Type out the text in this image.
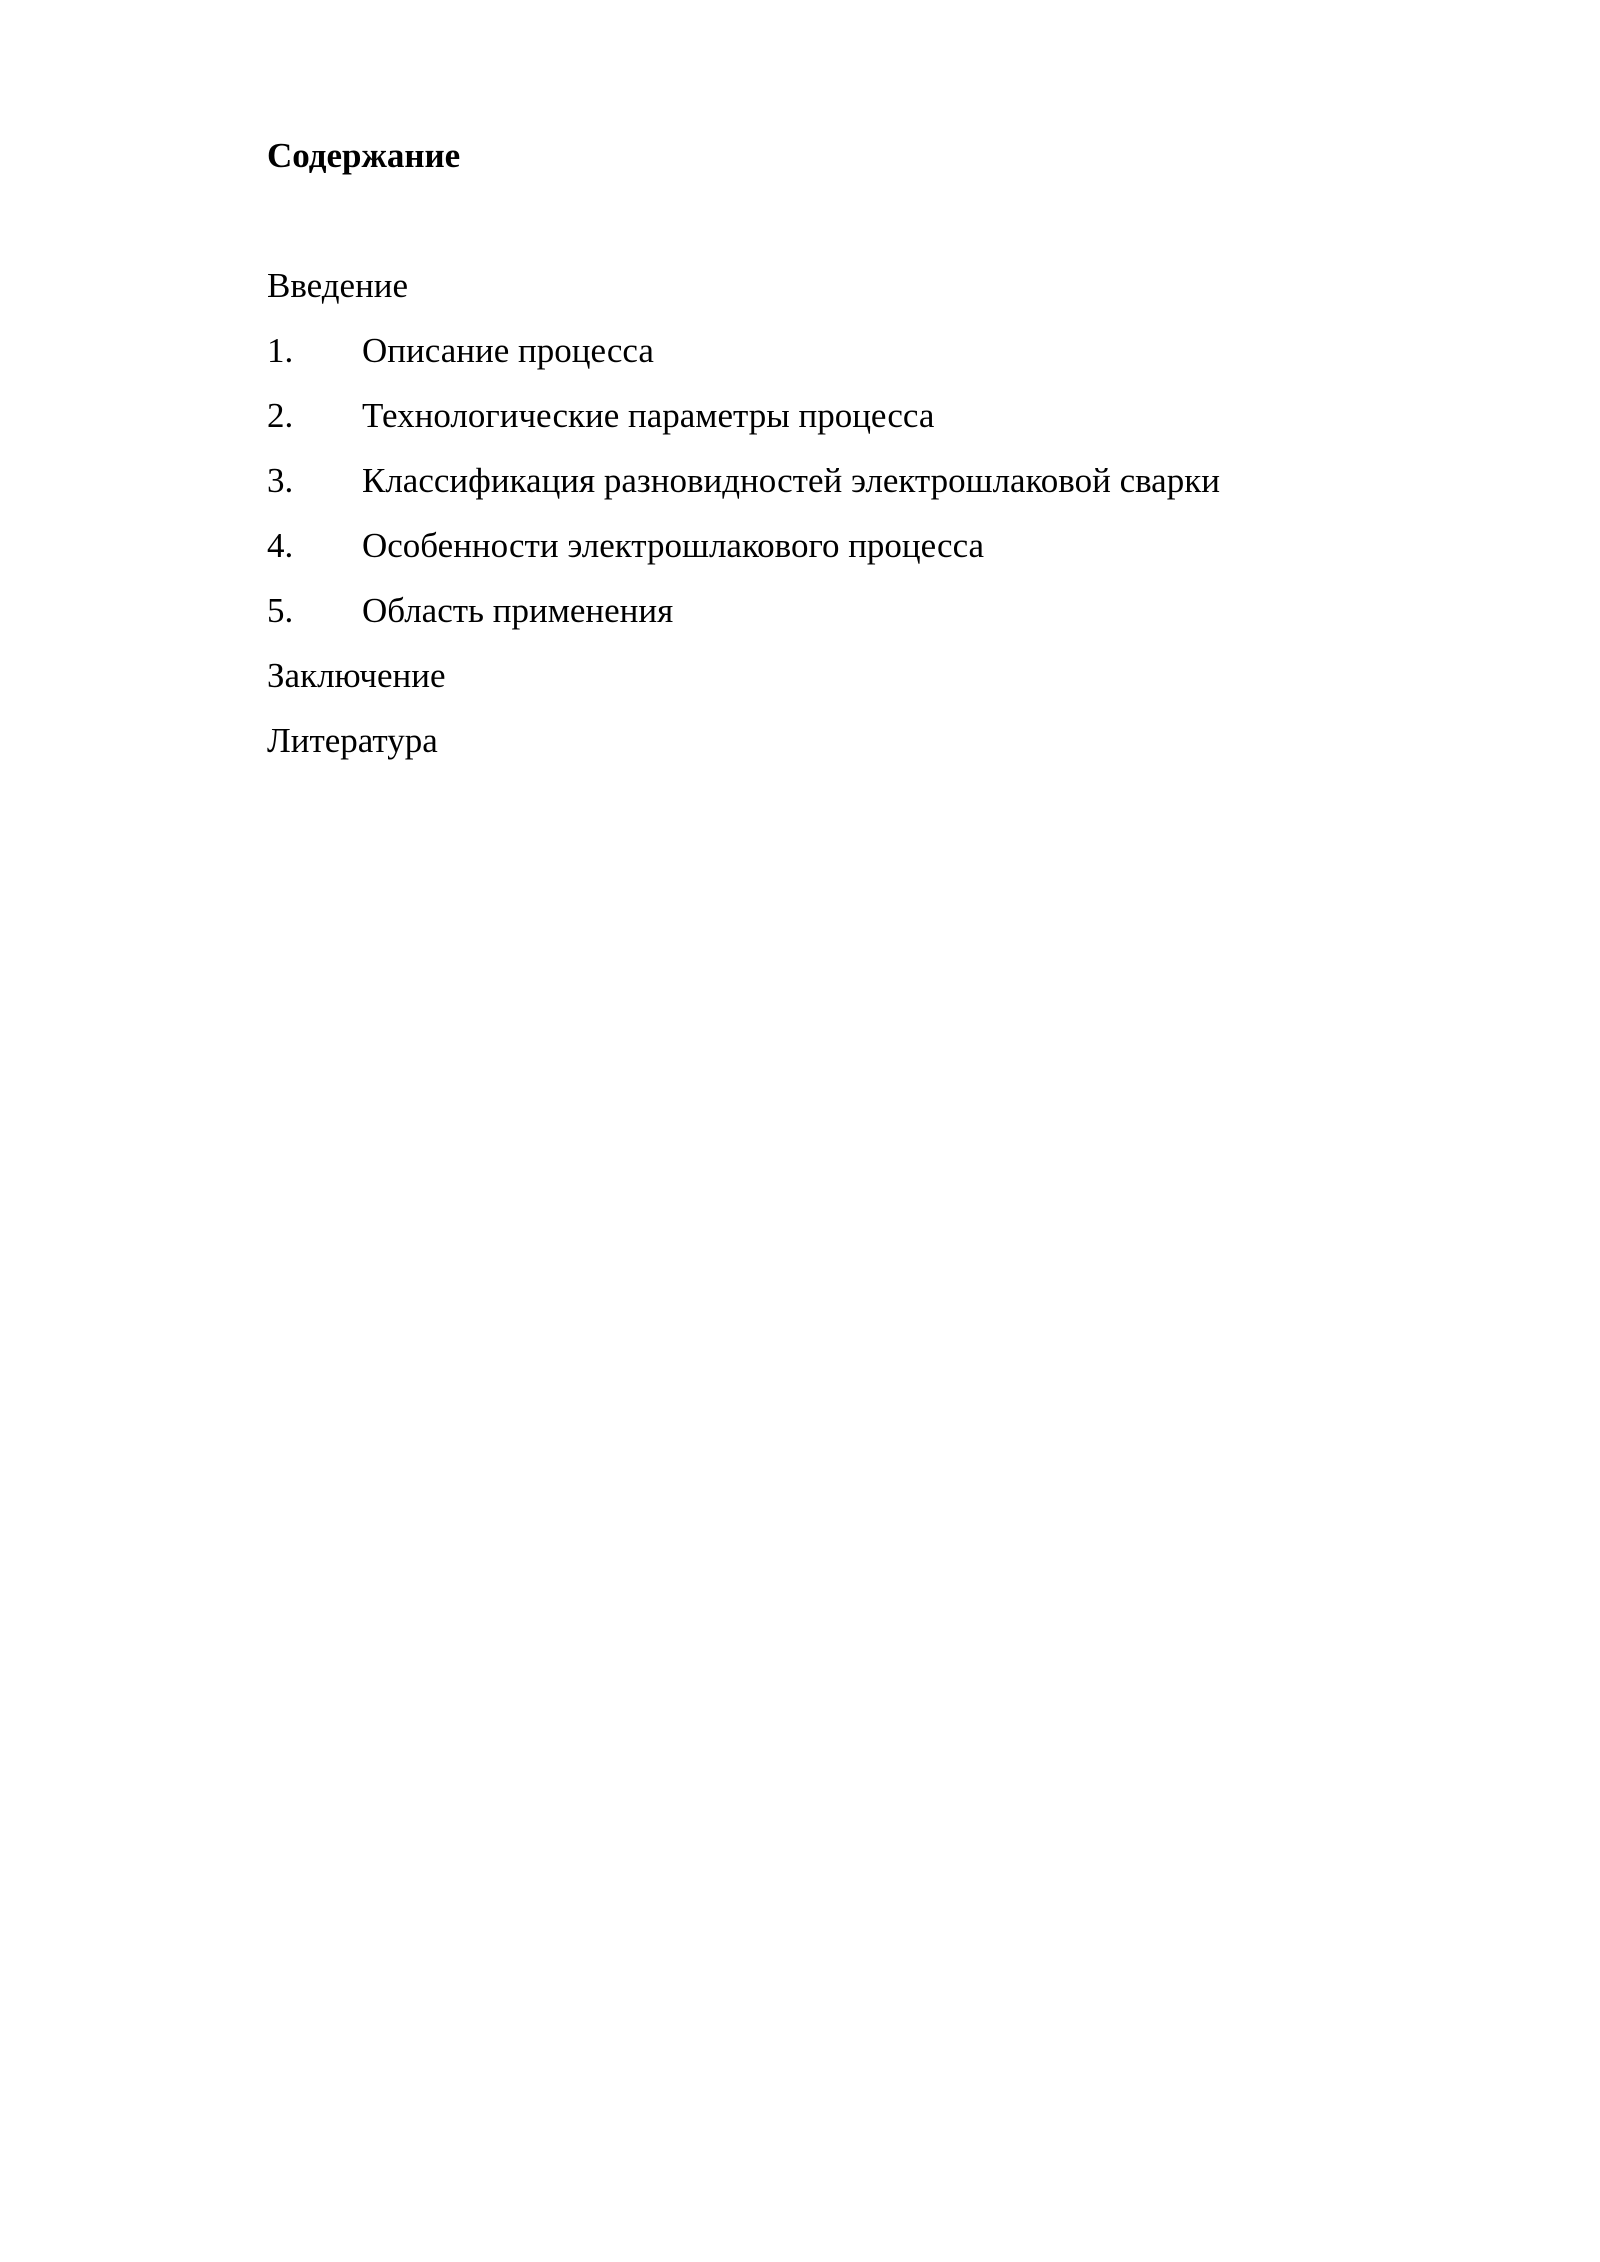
Содержание
Введение
1.	Описание процесса
2.	Технологические параметры процесса
3.	Классификация разновидностей электрошлаковой сварки
4.	Особенности электрошлакового процесса
5.	Область применения
Заключение
Литература
